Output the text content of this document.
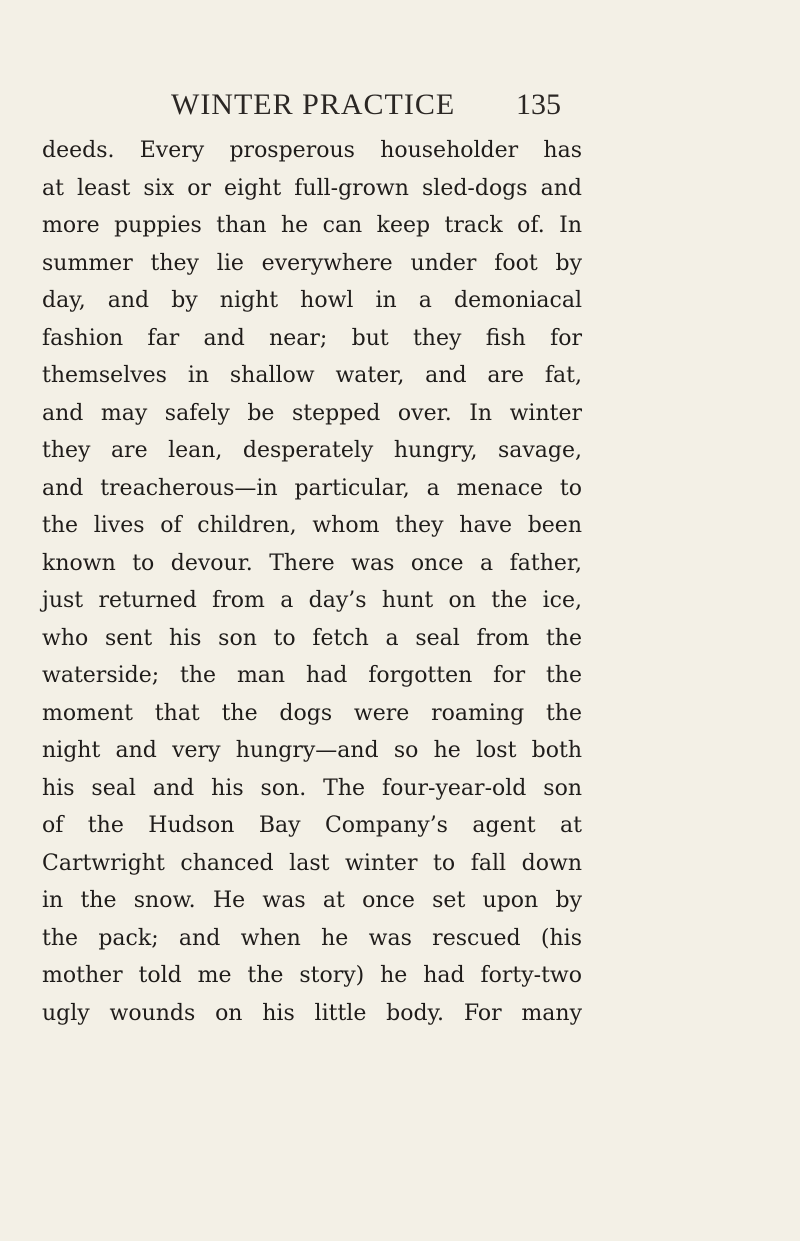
WINTER PRACTICE 135
deeds. Every prosperous householder has
at least six or eight full-grown sled-dogs and
more puppies than he can keep track of. In
summer they lie everywhere under foot by
day, and by night howl in a demoniacal
fashion far and near; but they fish for
themselves in shallow water, and are fat,
and may safely be stepped over. In winter
they are lean, desperately hungry, savage,
and treacherous—in particular, a menace to
the lives of children, whom they have been
known to devour. There was once a father,
just returned from a day’s hunt on the ice,
who sent his son to fetch a seal from the
waterside; the man had forgotten for the
moment that the dogs were roaming the
night and very hungry—and so he lost both
his seal and his son. The four-year-old son
of the Hudson Bay Company’s agent at
Cartwright chanced last winter to fall down
in the snow. He was at once set upon by
the pack; and when he was rescued (his
mother told me the story) he had forty-two
ugly wounds on his little body. For many
